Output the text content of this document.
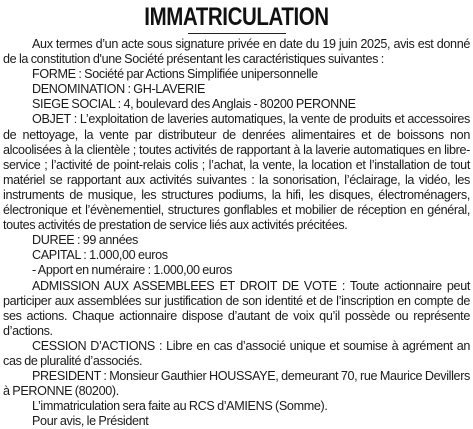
IMMATRICULATION

Aux termes d’un acte sous signature privée en date du 19 juin 2025, avis est donné de la constitution d'une Société présentant les caractéristiques suivantes :

FORME : Société par Actions Simplifiée unipersonnelle

DENOMINATION : GH-LAVERIE

SIEGE SOCIAL : 4, boulevard des Anglais - 80200 PERONNE

OBJET : L’exploitation de laveries automatiques, la vente de produits et accessoires de nettoyage, la vente par distributeur de denrées alimentaires et de boissons non alcoolisées à la clientèle ; toutes activités de rapportant à la laverie automatiques en libre-service ; l’activité de point-relais colis ; l’achat, la vente, la location et l’installation de tout matériel se rapportant aux activités suivantes : la sonorisation, l’éclairage, la vidéo, les instruments de musique, les structures podiums, la hifi, les disques, électroménagers, électronique et l’évènementiel, structures gonflables et mobilier de réception en général, toutes activités de prestation de service liés aux activités précitées.

DUREE : 99 années

CAPITAL : 1.000,00 euros

- Apport en numéraire : 1.000,00 euros

ADMISSION AUX ASSEMBLEES ET DROIT DE VOTE : Toute actionnaire peut participer aux assemblées sur justification de son identité et de l’inscription en compte de ses actions. Chaque actionnaire dispose d’autant de voix qu’il possède ou représente d’actions.

CESSION D’ACTIONS : Libre en cas d’associé unique et soumise à agrément an cas de pluralité d’associés.

PRESIDENT : Monsieur Gauthier HOUSSAYE, demeurant 70, rue Maurice Devillers à PERONNE (80200).

L’immatriculation sera faite au RCS d’AMIENS (Somme).

Pour avis, le Président
